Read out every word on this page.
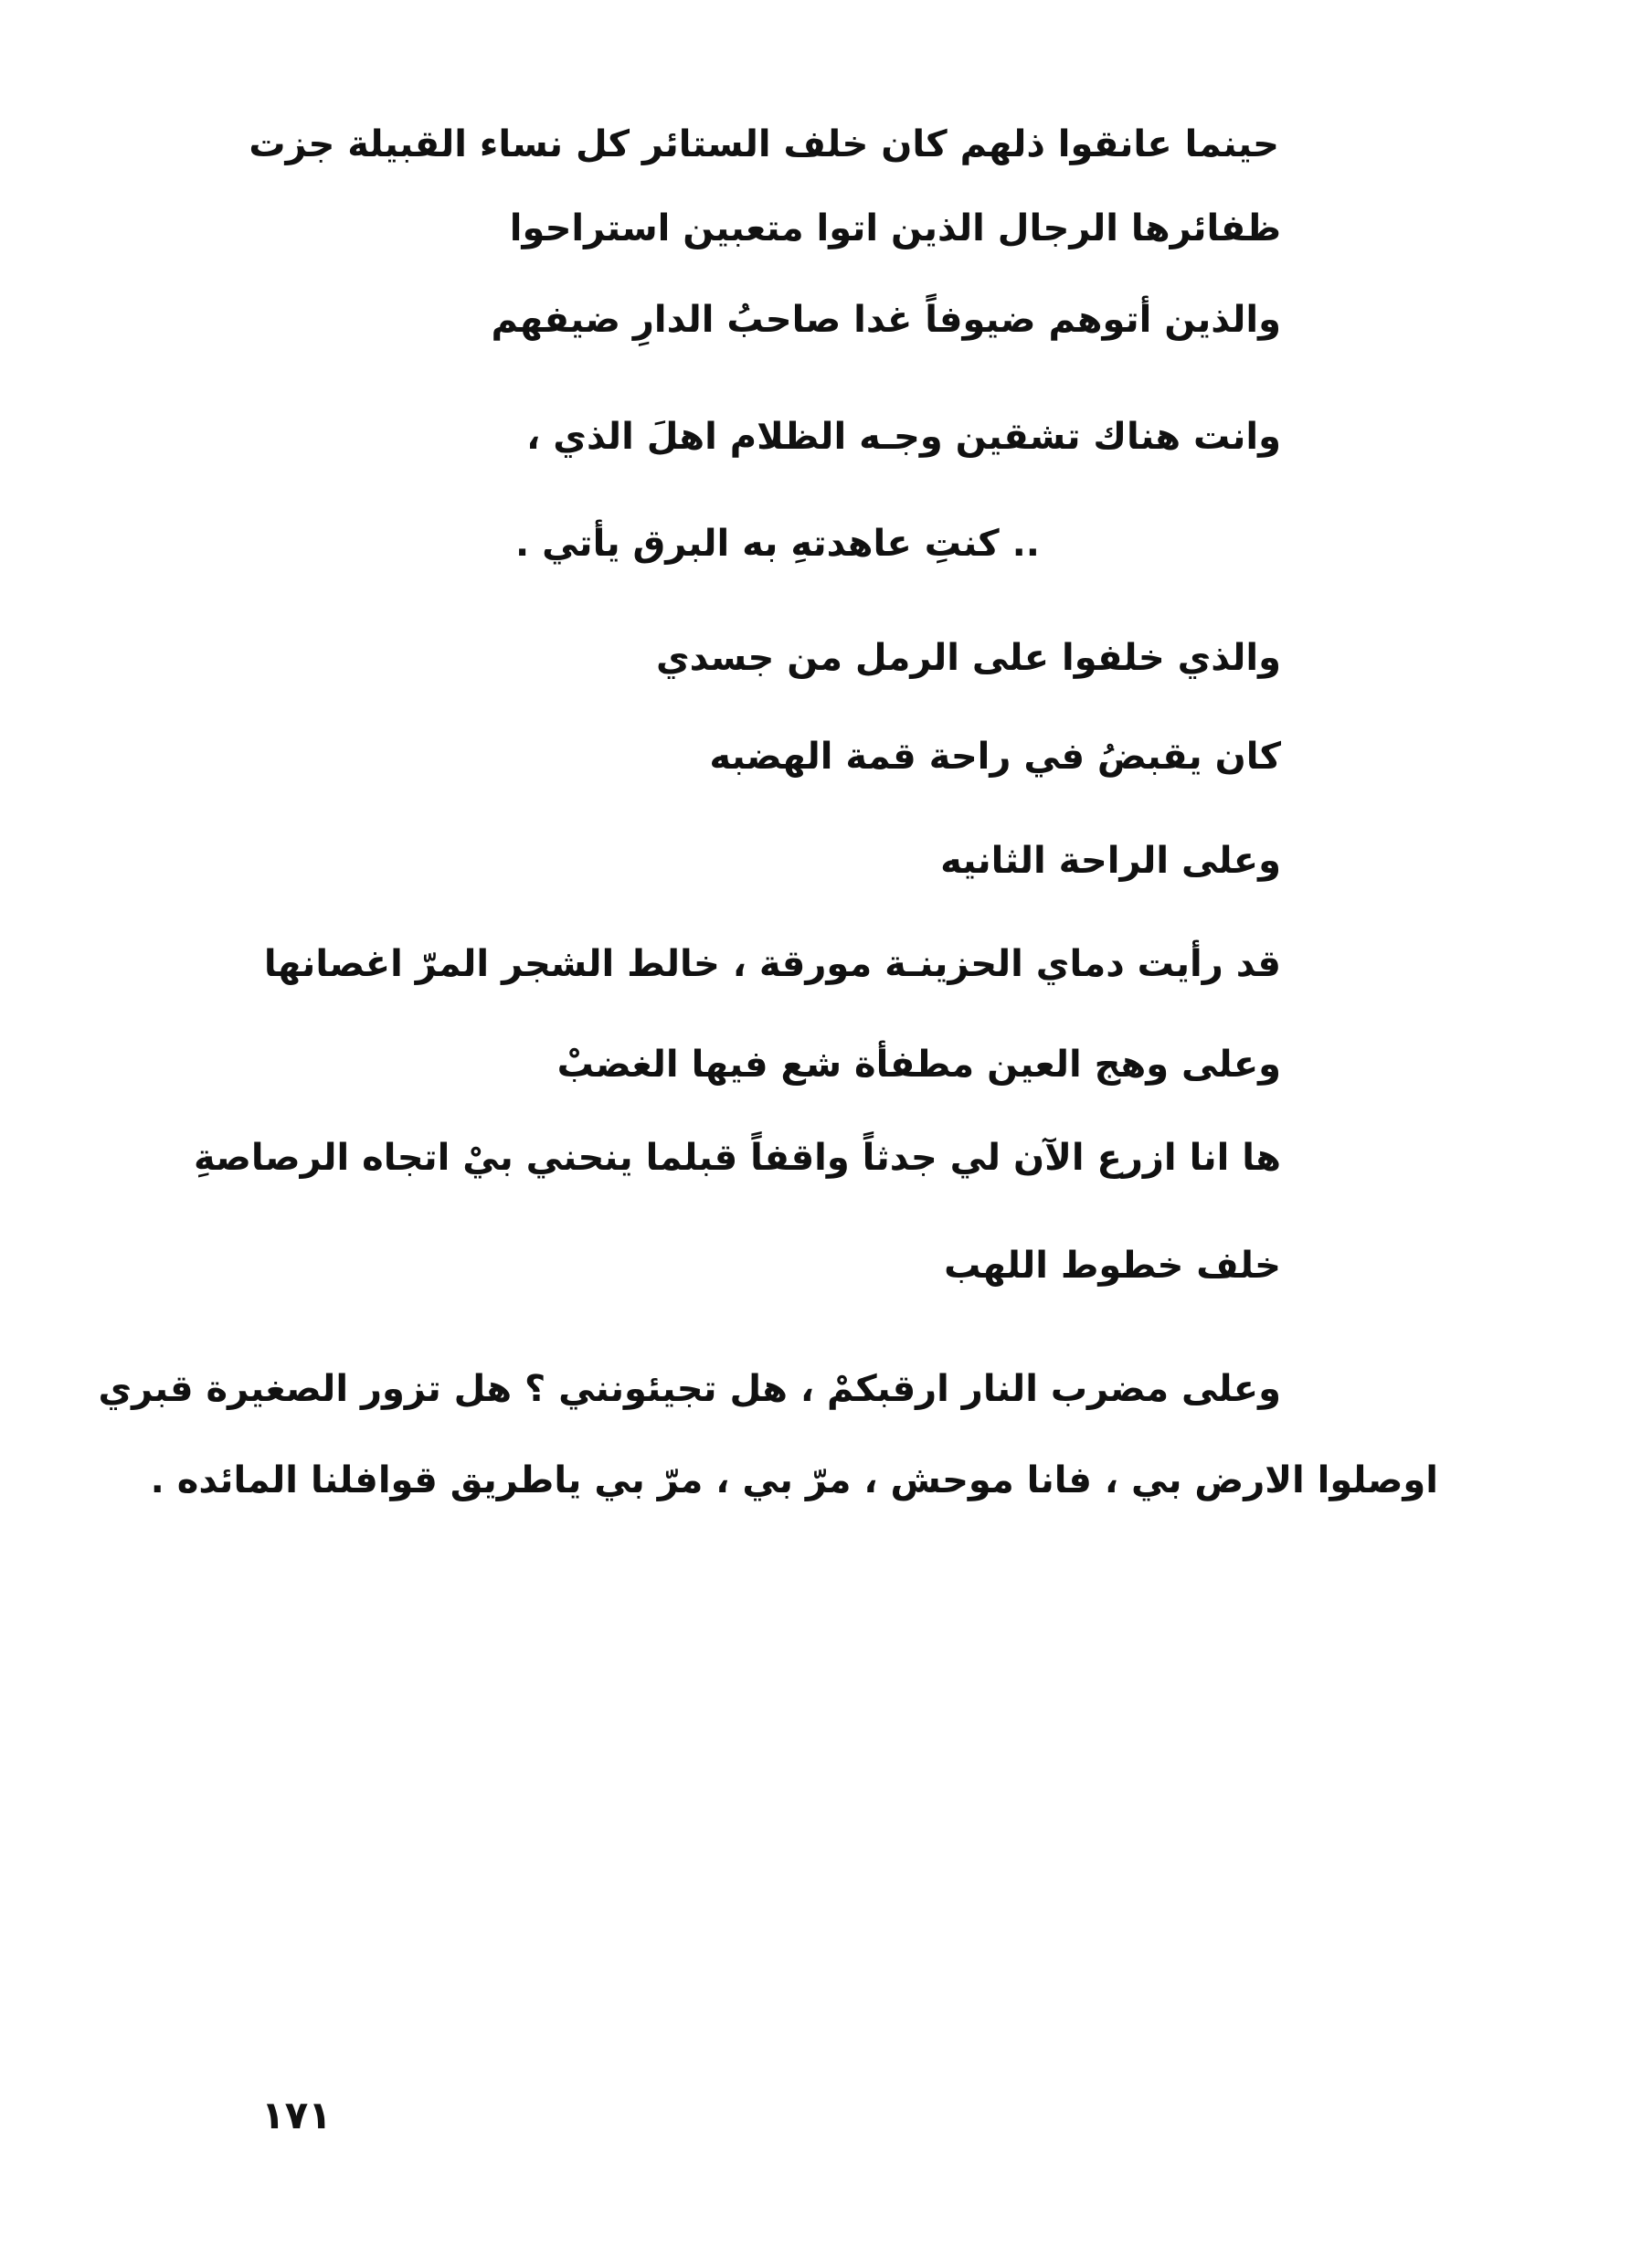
حينما عانقوا ذلهم كان خلف الستائر كل نساء القبيلة جزت
ظفائرها الرجال الذين اتوا متعبين استراحوا
والذين أتوهم ضيوفاً غدا صاحبُ الدارِ ضيفهم
وانت هناك تشقين وجـه الظلام اهلَ الذي ،
.. كنتِ عاهدتهِ به البرق يأتي .
والذي خلفوا على الرمل من جسدي
كان يقبضُ في راحة قمة الهضبه
وعلى الراحة الثانيه
قد رأيت دماي الحزينـة مورقة ، خالط الشجر المرّ اغصانها
وعلى وهج العين مطفأة شع فيها الغضبْ
ها انا ازرع الآن لي جدثاً واقفاً قبلما ينحني بيْ اتجاه الرصاصةِ
خلف خطوط اللهب
وعلى مضرب النار ارقبكمْ ، هل تجيئونني ؟ هل تزور الصغيرة قبري
اوصلوا الارض بي ، فانا موحش ، مرّ بي ، مرّ بي ياطريق قوافلنا المائده .
١٧١
